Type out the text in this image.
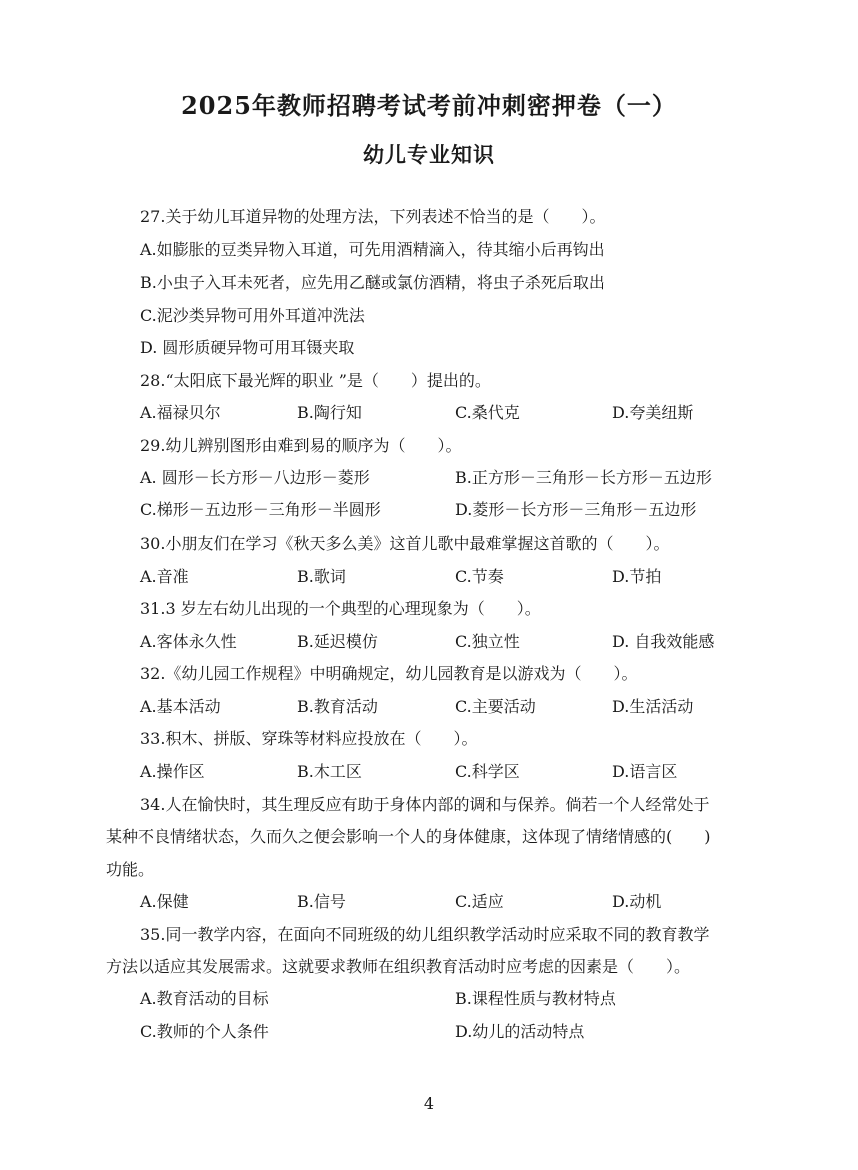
2025年教师招聘考试考前冲刺密押卷（一）
幼儿专业知识
27.关于幼儿耳道异物的处理方法，下列表述不恰当的是（　　）。
A.如膨胀的豆类异物入耳道，可先用酒精滴入，待其缩小后再钩出
B.小虫子入耳未死者，应先用乙醚或氯仿酒精，将虫子杀死后取出
C.泥沙类异物可用外耳道冲洗法
D. 圆形质硬异物可用耳镊夹取
28.“太阳底下最光辉的职业 ”是（　　）提出的。
A.福禄贝尔	B.陶行知	C.桑代克	D.夸美纽斯
29.幼儿辨别图形由难到易的顺序为（　　）。
A. 圆形－长方形－八边形－菱形	B.正方形－三角形－长方形－五边形
C.梯形－五边形－三角形－半圆形	D.菱形－长方形－三角形－五边形
30.小朋友们在学习《秋天多么美》这首儿歌中最难掌握这首歌的（　　）。
A.音准	B.歌词	C.节奏	D.节拍
31.3 岁左右幼儿出现的一个典型的心理现象为（　　）。
A.客体永久性	B.延迟模仿	C.独立性	D. 自我效能感
32.《幼儿园工作规程》中明确规定，幼儿园教育是以游戏为（　　）。
A.基本活动	B.教育活动	C.主要活动	D.生活活动
33.积木、拼版、穿珠等材料应投放在（　　）。
A.操作区	B.木工区	C.科学区	D.语言区
34.人在愉快时，其生理反应有助于身体内部的调和与保养。倘若一个人经常处于
某种不良情绪状态，久而久之便会影响一个人的身体健康，这体现了情绪情感的(　　)
功能。
A.保健	B.信号	C.适应	D.动机
35.同一教学内容，在面向不同班级的幼儿组织教学活动时应采取不同的教育教学
方法以适应其发展需求。这就要求教师在组织教育活动时应考虑的因素是（　　）。
A.教育活动的目标	B.课程性质与教材特点
C.教师的个人条件	D.幼儿的活动特点
4
